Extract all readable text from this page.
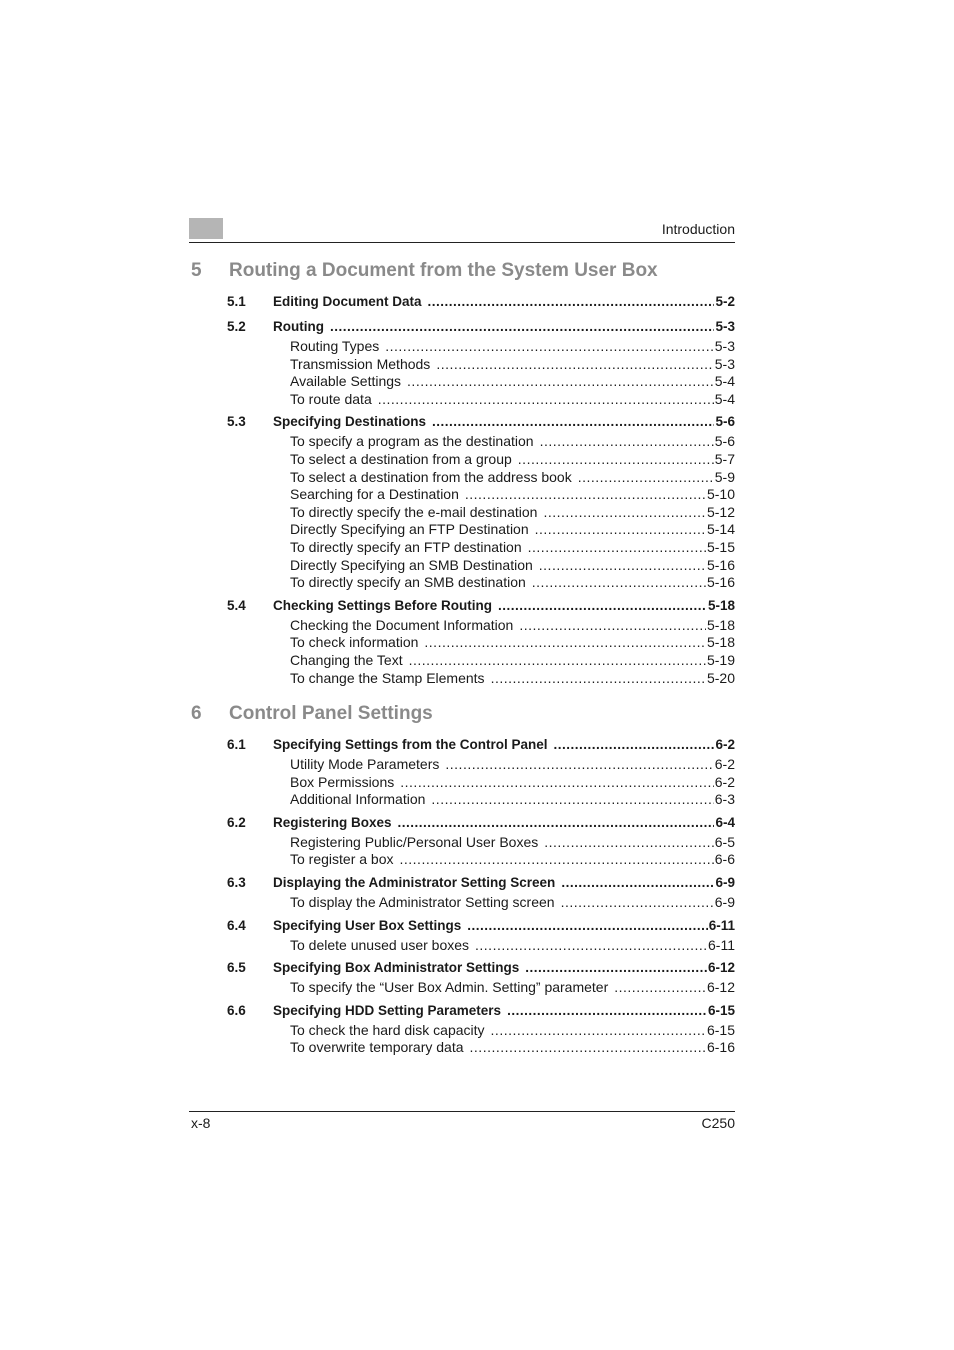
Introduction
5	Routing a Document from the System User Box
5.1	Editing Document Data .....	5-2
5.2	Routing .....	5-3
Routing Types .....	5-3
Transmission Methods .....	5-3
Available Settings .....	5-4
To route data .....	5-4
5.3	Specifying Destinations .....	5-6
To specify a program as the destination .....	5-6
To select a destination from a group .....	5-7
To select a destination from the address book .....	5-9
Searching for a Destination .....	5-10
To directly specify the e-mail destination .....	5-12
Directly Specifying an FTP Destination .....	5-14
To directly specify an FTP destination .....	5-15
Directly Specifying an SMB Destination .....	5-16
To directly specify an SMB destination .....	5-16
5.4	Checking Settings Before Routing .....	5-18
Checking the Document Information .....	5-18
To check information .....	5-18
Changing the Text .....	5-19
To change the Stamp Elements .....	5-20
6	Control Panel Settings
6.1	Specifying Settings from the Control Panel .....	6-2
Utility Mode Parameters .....	6-2
Box Permissions .....	6-2
Additional Information .....	6-3
6.2	Registering Boxes .....	6-4
Registering Public/Personal User Boxes .....	6-5
To register a box .....	6-6
6.3	Displaying the Administrator Setting Screen .....	6-9
To display the Administrator Setting screen .....	6-9
6.4	Specifying User Box Settings .....	6-11
To delete unused user boxes .....	6-11
6.5	Specifying Box Administrator Settings .....	6-12
To specify the “User Box Admin. Setting” parameter .....	6-12
6.6	Specifying HDD Setting Parameters .....	6-15
To check the hard disk capacity .....	6-15
To overwrite temporary data .....	6-16
x-8	C250
